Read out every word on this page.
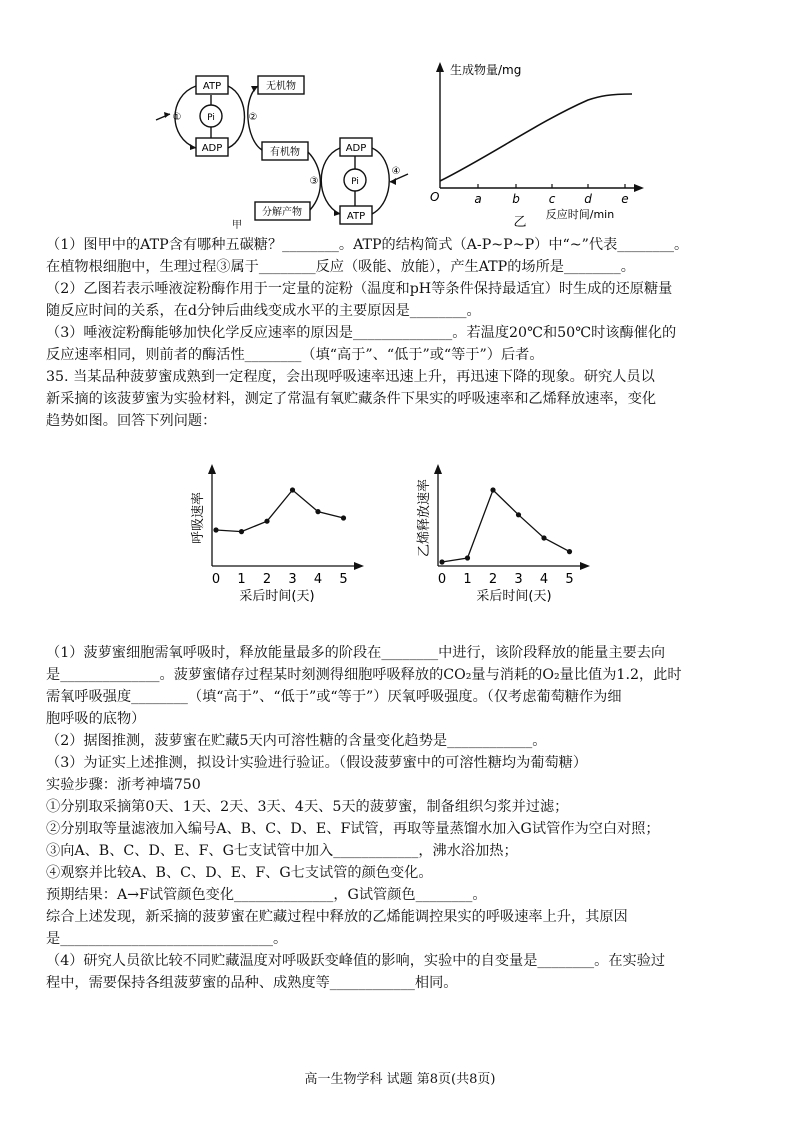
ATP
Pi
ADP
无机物
有机物
分解产物
ADP
Pi
ATP
①	②
③
④
甲
生成物量/mg
O	a	b c d e
乙
反应时间/min
呼吸速率
采后时间(天)
0 1 2 3 4 5
乙烯释放速率
采后时间(天)
0 1 2 3 4 5
（1）图甲中的ATP含有哪种五碳糖？________。ATP的结构简式（A-P~P~P）中“~”代表________。
在植物根细胞中，生理过程③属于________反应（吸能、放能），产生ATP的场所是________。
（2）乙图若表示唾液淀粉酶作用于一定量的淀粉（温度和pH等条件保持最适宜）时生成的还原糖量
随反应时间的关系，在d分钟后曲线变成水平的主要原因是________。
（3）唾液淀粉酶能够加快化学反应速率的原因是______________。若温度20℃和50℃时该酶催化的
反应速率相同，则前者的酶活性________（填“高于”、“低于”或“等于”）后者。
35. 当某品种菠萝蜜成熟到一定程度，会出现呼吸速率迅速上升，再迅速下降的现象。研究人员以
新采摘的该菠萝蜜为实验材料，测定了常温有氧贮藏条件下果实的呼吸速率和乙烯释放速率，变化
趋势如图。回答下列问题：
（1）菠萝蜜细胞需氧呼吸时，释放能量最多的阶段在________中进行，该阶段释放的能量主要去向
是______________。菠萝蜜储存过程某时刻测得细胞呼吸释放的CO₂量与消耗的O₂量比值为1.2，此时
需氧呼吸强度________（填“高于”、“低于”或“等于”）厌氧呼吸强度。（仅考虑葡萄糖作为细
胞呼吸的底物）
（2）据图推测，菠萝蜜在贮藏5天内可溶性糖的含量变化趋势是____________。
（3）为证实上述推测，拟设计实验进行验证。（假设菠萝蜜中的可溶性糖均为葡萄糖）
实验步骤：浙考神墙750
①分别取采摘第0天、1天、2天、3天、4天、5天的菠萝蜜，制备组织匀浆并过滤；
②分别取等量滤液加入编号A、B、C、D、E、F试管，再取等量蒸馏水加入G试管作为空白对照；
③向A、B、C、D、E、F、G七支试管中加入____________，沸水浴加热；
④观察并比较A、B、C、D、E、F、G七支试管的颜色变化。
预期结果：A→F试管颜色变化______________，G试管颜色________。
综合上述发现，新采摘的菠萝蜜在贮藏过程中释放的乙烯能调控果实的呼吸速率上升，其原因
是______________________________。
（4）研究人员欲比较不同贮藏温度对呼吸跃变峰值的影响，实验中的自变量是________。在实验过
程中，需要保持各组菠萝蜜的品种、成熟度等____________相同。
高一生物学科 试题 第8页(共8页)
